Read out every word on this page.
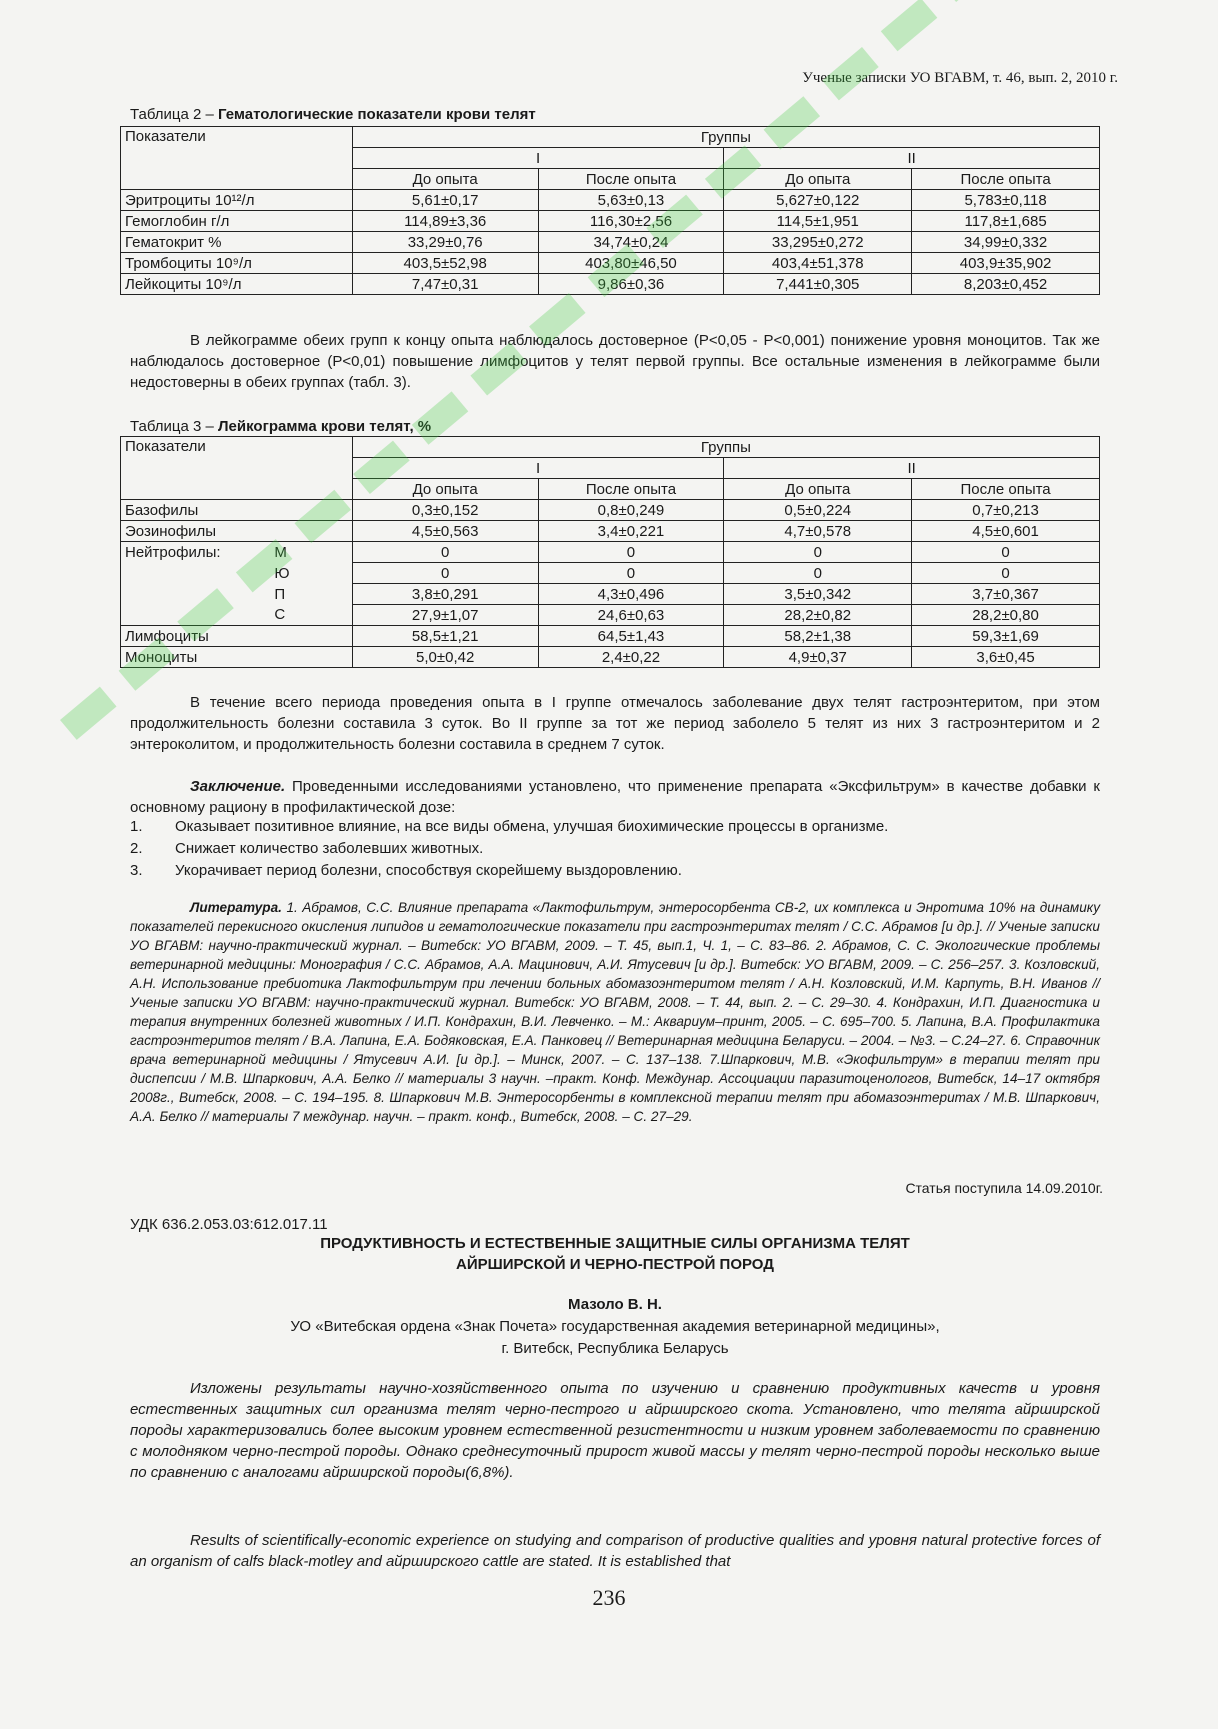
Ученые записки УО ВГАВМ, т. 46, вып. 2, 2010 г.
Таблица 2 – Гематологические показатели крови телят
Показатели	Группы			
	I		II	
	До опыта	После опыта	До опыта	После опыта
Эритроциты 10¹²/л	5,61±0,17	5,63±0,13	5,627±0,122	5,783±0,118
Гемоглобин г/л	114,89±3,36	116,30±2,56	114,5±1,951	117,8±1,685
Гематокрит %	33,29±0,76	34,74±0,24	33,295±0,272	34,99±0,332
Тромбоциты 10⁹/л	403,5±52,98	403,80±46,50	403,4±51,378	403,9±35,902
Лейкоциты 10⁹/л	7,47±0,31	9,86±0,36	7,441±0,305	8,203±0,452
В лейкограмме обеих групп к концу опыта наблюдалось достоверное (Р<0,05 - Р<0,001) понижение уровня моноцитов. Так же наблюдалось достоверное (Р<0,01) повышение лимфоцитов у телят первой группы. Все остальные изменения в лейкограмме были недостоверны в обеих группах (табл. 3).
Таблица 3 – Лейкограмма крови телят, %
Показатели		Группы			
		I		II	
		До опыта	После опыта	До опыта	После опыта
Базофилы		0,3±0,152	0,8±0,249	0,5±0,224	0,7±0,213
Эозинофилы		4,5±0,563	3,4±0,221	4,7±0,578	4,5±0,601
Нейтрофилы:	М	0	0	0	0
	Ю	0	0	0	0
	П	3,8±0,291	4,3±0,496	3,5±0,342	3,7±0,367
	С	27,9±1,07	24,6±0,63	28,2±0,82	28,2±0,80
Лимфоциты		58,5±1,21	64,5±1,43	58,2±1,38	59,3±1,69
Моноциты		5,0±0,42	2,4±0,22	4,9±0,37	3,6±0,45
В течение всего периода проведения опыта в I группе отмечалось заболевание двух телят гастроэнтеритом, при этом продолжительность болезни составила 3 суток. Во II группе за тот же период заболело 5 телят из них 3 гастроэнтеритом и 2 энтероколитом, и продолжительность болезни составила в среднем 7 суток.
Заключение. Проведенными исследованиями установлено, что применение препарата «Эксфильтрум» в качестве добавки к основному рациону в профилактической дозе:
1. Оказывает позитивное влияние, на все виды обмена, улучшая биохимические процессы в организме.
2. Снижает количество заболевших животных.
3. Укорачивает период болезни, способствуя скорейшему выздоровлению.
Литература. 1. Абрамов, С.С. Влияние препарата «Лактофильтрум, энтеросорбента СВ-2, их комплекса и Энротима 10% на динамику показателей перекисного окисления липидов и гематологические показатели при гастроэнтеритах телят / С.С. Абрамов [и др.]. // Ученые записки УО ВГАВМ: научно-практический журнал. – Витебск: УО ВГАВМ, 2009. – Т. 45, вып.1, Ч. 1, – С. 83–86. 2. Абрамов, С. С. Экологические проблемы ветеринарной медицины: Монография / С.С. Абрамов, А.А. Мацинович, А.И. Ятусевич [и др.]. Витебск: УО ВГАВМ, 2009. – С. 256–257. 3. Козловский, А.Н. Использование пребиотика Лактофильтрум при лечении больных абомазоэнтеритом телят / А.Н. Козловский, И.М. Карпуть, В.Н. Иванов // Ученые записки УО ВГАВМ: научно-практический журнал. Витебск: УО ВГАВМ, 2008. – Т. 44, вып. 2. – С. 29–30. 4. Кондрахин, И.П. Диагностика и терапия внутренних болезней животных / И.П. Кондрахин, В.И. Левченко. – М.: Аквариум–принт, 2005. – С. 695–700. 5. Лапина, В.А. Профилактика гастроэнтеритов телят / В.А. Лапина, Е.А. Бодяковская, Е.А. Панковец // Ветеринарная медицина Беларуси. – 2004. – №3. – С.24–27. 6. Справочник врача ветеринарной медицины / Ятусевич А.И. [и др.]. – Минск, 2007. – С. 137–138. 7.Шпаркович, М.В. «Экофильтрум» в терапии телят при диспепсии / М.В. Шпаркович, А.А. Белко // материалы 3 научн. –практ. Конф. Междунар. Ассоциации паразитоценологов, Витебск, 14–17 октября 2008г., Витебск, 2008. – С. 194–195. 8. Шпаркович М.В. Энтеросорбенты в комплексной терапии телят при абомазоэнтеритах / М.В. Шпаркович, А.А. Белко // материалы 7 междунар. научн. – практ. конф., Витебск, 2008. – С. 27–29.
Статья поступила 14.09.2010г.
УДК 636.2.053.03:612.017.11
ПРОДУКТИВНОСТЬ И ЕСТЕСТВЕННЫЕ ЗАЩИТНЫЕ СИЛЫ ОРГАНИЗМА ТЕЛЯТ
АЙРШИРСКОЙ И ЧЕРНО-ПЕСТРОЙ ПОРОД
Мазоло В. Н.
УО «Витебская ордена «Знак Почета» государственная академия ветеринарной медицины»,
г. Витебск, Республика Беларусь
Изложены результаты научно-хозяйственного опыта по изучению и сравнению продуктивных качеств и уровня естественных защитных сил организма телят черно-пестрого и айрширского скота. Установлено, что телята айрширской породы характеризовались более высоким уровнем естественной резистентности и низким уровнем заболеваемости по сравнению с молодняком черно-пестрой породы. Однако среднесуточный прирост живой массы у телят черно-пестрой породы несколько выше по сравнению с аналогами айрширской породы(6,8%).
Results of scientifically-economic experience on studying and comparison of productive qualities and уровня natural protective forces of an organism of calfs black-motley and айрширского cattle are stated. It is established that
236
